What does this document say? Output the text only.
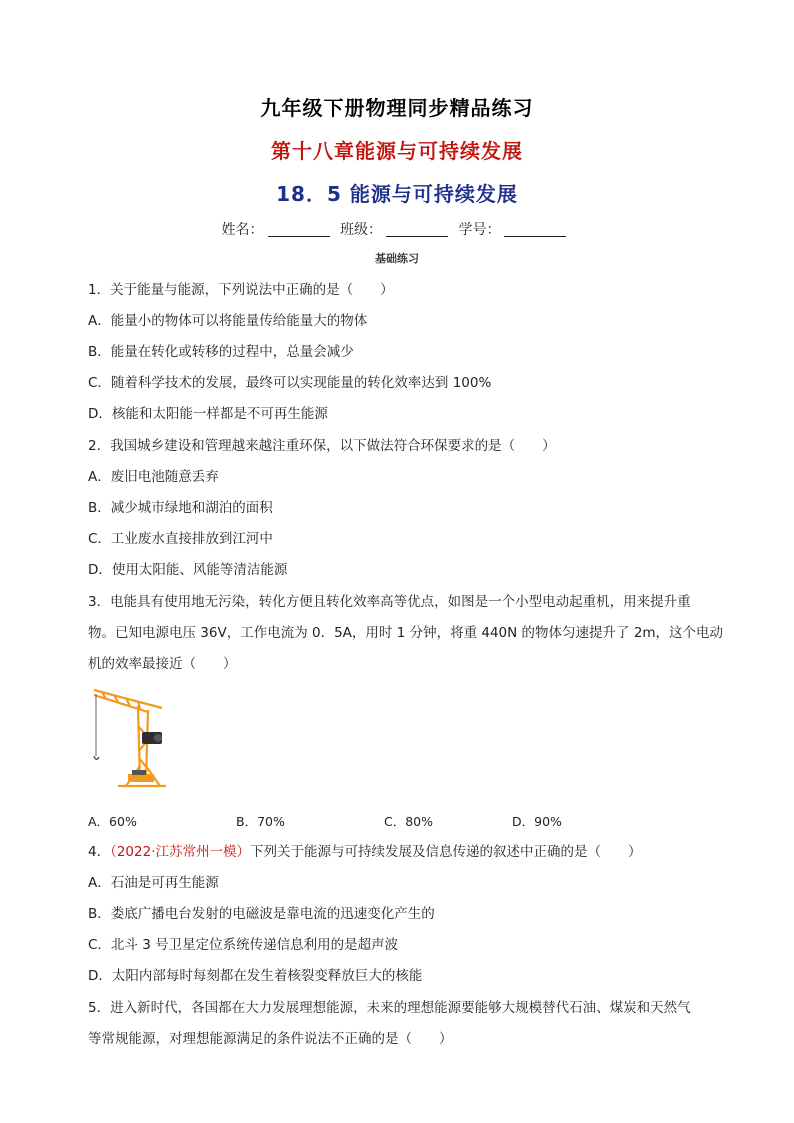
九年级下册物理同步精品练习
第十八章能源与可持续发展
18．5 能源与可持续发展
姓名：	班级：	学号：
基础练习
1．关于能量与能源，下列说法中正确的是（　　）
A．能量小的物体可以将能量传给能量大的物体
B．能量在转化或转移的过程中，总量会减少
C．随着科学技术的发展，最终可以实现能量的转化效率达到 100%
D．核能和太阳能一样都是不可再生能源
2．我国城乡建设和管理越来越注重环保，以下做法符合环保要求的是（　　）
A．废旧电池随意丢弃
B．减少城市绿地和湖泊的面积
C．工业废水直接排放到江河中
D．使用太阳能、风能等清洁能源
3．电能具有使用地无污染，转化方便且转化效率高等优点，如图是一个小型电动起重机，用来提升重
物。已知电源电压 36V，工作电流为 0．5A，用时 1 分钟，将重 440N 的物体匀速提升了 2m，这个电动
机的效率最接近（　　）
A．60%	B．70%	C．80%	D．90%
4．（2022·江苏常州一模）下列关于能源与可持续发展及信息传递的叙述中正确的是（　　）
A．石油是可再生能源
B．娄底广播电台发射的电磁波是靠电流的迅速变化产生的
C．北斗 3 号卫星定位系统传递信息利用的是超声波
D．太阳内部每时每刻都在发生着核裂变释放巨大的核能
5．进入新时代，各国都在大力发展理想能源，未来的理想能源要能够大规模替代石油、煤炭和天然气
等常规能源，对理想能源满足的条件说法不正确的是（　　）
